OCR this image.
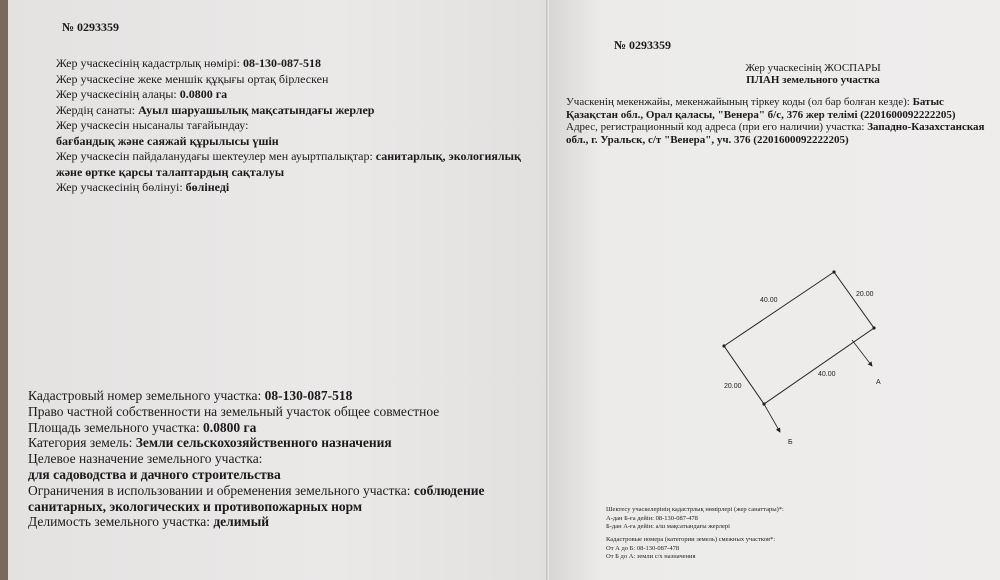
№ 0293359
Жер учаскесінің кадастрлық нөмірі: 08-130-087-518
Жер учаскесіне жеке меншік құқығы ортақ бірлескен
Жер учаскесінің алаңы: 0.0800 га
Жердің санаты: Ауыл шаруашылық мақсатындағы жерлер
Жер учаскесін нысаналы тағайындау:
бағбандық және саяжай құрылысы үшін
Жер учаскесін пайдаланудағы шектеулер мен ауыртпалықтар: санитарлық, экологиялық
және өртке қарсы талаптардың сақталуы
Жер учаскесінің бөлінуі: бөлінеді
Кадастровый номер земельного участка: 08-130-087-518
Право частной собственности на земельный участок общее совместное
Площадь земельного участка: 0.0800 га
Категория земель: Земли сельскохозяйственного назначения
Целевое назначение земельного участка:
для садоводства и дачного строительства
Ограничения в использовании и обременения земельного участка: соблюдение
санитарных, экологических и противопожарных норм
Делимость земельного участка: делимый
№ 0293359
Жер учаскесінің ЖОСПАРЫ
ПЛАН земельного участка
Учаскенің мекенжайы, мекенжайының тіркеу коды (ол бар болған кезде): Батыс
Қазақстан обл., Орал қаласы, "Венера" б/с, 376 жер телімі (2201600092222205)
Адрес, регистрационный код адреса (при его наличии) участка: Западно-Казахстанская
обл., г. Уральск, с/т "Венера", уч. 376 (2201600092222205)
40.00
20.00
40.00
20.00
А
Б
Шектесу учаскелерінің кадастрлық нөмірлері (жер санаттары)*:
А-дан Б-ға дейін: 08-130-087-478
Б-дан А-ға дейін: а/ш мақсатындағы жерлері
Кадастровые номера (категории земель) смежных участков*:
От А до Б: 08-130-087-478
От Б до А: земли с/х назначения
